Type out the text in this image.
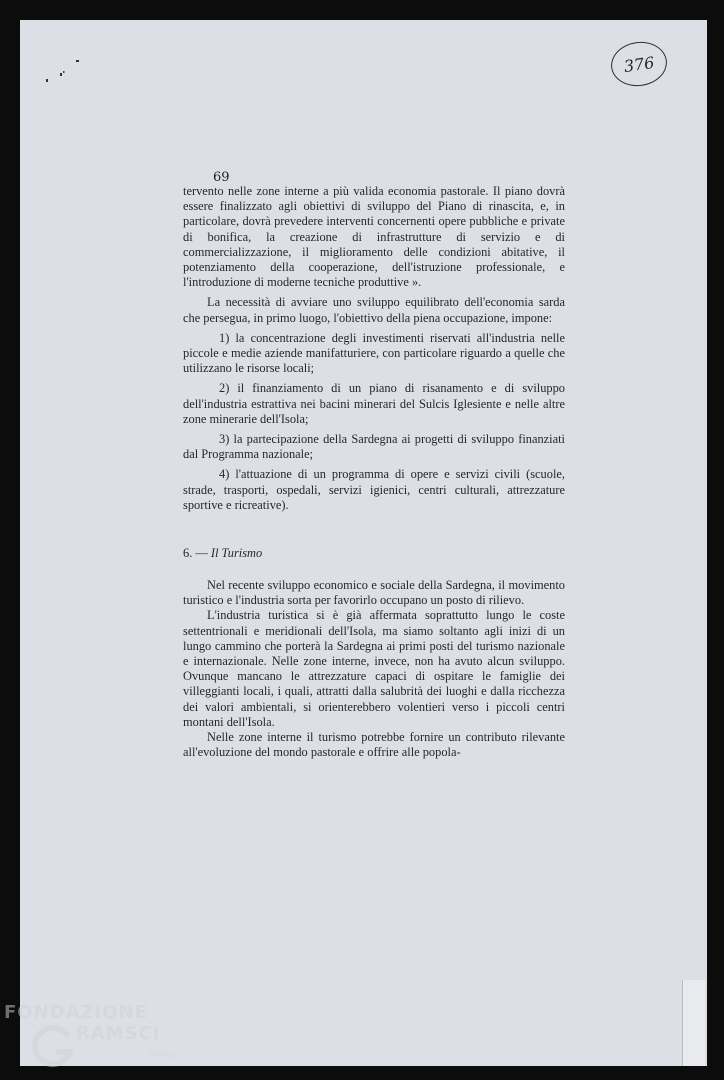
376

69

tervento nelle zone interne a più valida economia pastorale. Il piano dovrà essere finalizzato agli obiettivi di sviluppo del Piano di rinascita, e, in particolare, dovrà prevedere interventi concernenti opere pubbliche e private di bonifica, la creazione di infrastrutture di servizio e di commercializzazione, il miglioramento delle condizioni abitative, il potenziamento della cooperazione, dell'istruzione professionale, e l'introduzione di moderne tecniche produttive ».

La necessità di avviare uno sviluppo equilibrato dell'economia sarda che persegua, in primo luogo, l'obiettivo della piena occupazione, impone:

1) la concentrazione degli investimenti riservati all'industria nelle piccole e medie aziende manifatturiere, con particolare riguardo a quelle che utilizzano le risorse locali;

2) il finanziamento di un piano di risanamento e di sviluppo dell'industria estrattiva nei bacini minerari del Sulcis Iglesiente e nelle altre zone minerarie dell'Isola;

3) la partecipazione della Sardegna ai progetti di sviluppo finanziati dal Programma nazionale;

4) l'attuazione di un programma di opere e servizi civili (scuole, strade, trasporti, ospedali, servizi igienici, centri culturali, attrezzature sportive e ricreative).

6. — Il Turismo

Nel recente sviluppo economico e sociale della Sardegna, il movimento turistico e l'industria sorta per favorirlo occupano un posto di rilievo.

L'industria turistica si è già affermata soprattutto lungo le coste settentrionali e meridionali dell'Isola, ma siamo soltanto agli inizi di un lungo cammino che porterà la Sardegna ai primi posti del turismo nazionale e internazionale. Nelle zone interne, invece, non ha avuto alcun sviluppo. Ovunque mancano le attrezzature capaci di ospitare le famiglie dei villeggianti locali, i quali, attratti dalla salubrità dei luoghi e dalla ricchezza dei valori ambientali, si orienterebbero volentieri verso i piccoli centri montani dell'Isola.

Nelle zone interne il turismo potrebbe fornire un contributo rilevante all'evoluzione del mondo pastorale e offrire alle popola-

FONDAZIONE
RAMSCI
onlus
